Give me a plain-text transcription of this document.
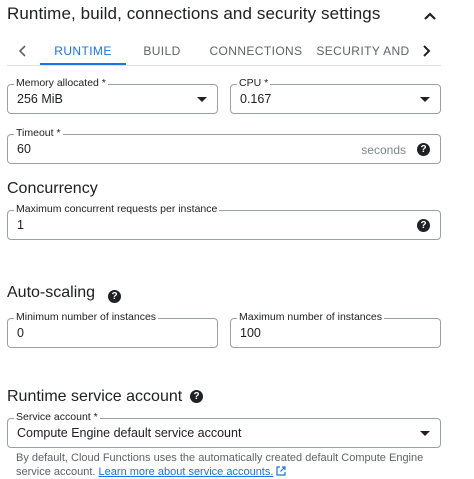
Runtime, build, connections and security settings
RUNTIME	BUILD	CONNECTIONS	SECURITY AND
Memory allocated *
256 MiB
CPU *
0.167
Timeout *
60	seconds	?
Concurrency
Maximum concurrent requests per instance
1	?
Auto-scaling	?
Minimum number of instances
0
Maximum number of instances
100
Runtime service account	?
Service account *
Compute Engine default service account
By default, Cloud Functions uses the automatically created default Compute Engine service account. Learn more about service accounts.
